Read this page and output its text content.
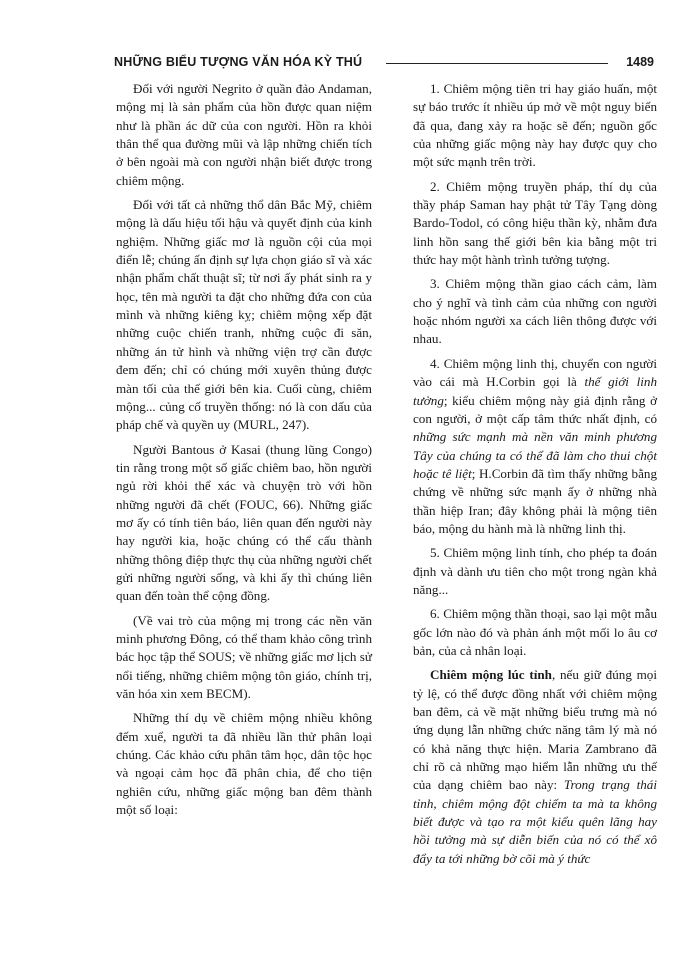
NHỮNG BIỂU TƯỢNG VĂN HÓA KỲ THÚ	1489

Đối với người Negrito ở quần đảo Andaman, mộng mị là sản phẩm của hồn được quan niệm như là phần ác dữ của con người. Hồn ra khỏi thân thể qua đường mũi và lập những chiến tích ở bên ngoài mà con người nhận biết được trong chiêm mộng.

Đối với tất cả những thổ dân Bắc Mỹ, chiêm mộng là dấu hiệu tối hậu và quyết định của kinh nghiệm. Những giấc mơ là nguồn cội của mọi điển lễ; chúng ấn định sự lựa chọn giáo sĩ và xác nhận phẩm chất thuật sĩ; từ nơi ấy phát sinh ra y học, tên mà người ta đặt cho những đứa con của mình và những kiêng kỵ; chiêm mộng xếp đặt những cuộc chiến tranh, những cuộc đi săn, những án tử hình và những viện trợ cần được đem đến; chỉ có chúng mới xuyên thủng được màn tối của thế giới bên kia. Cuối cùng, chiêm mộng... củng cố truyền thống: nó là con dấu của pháp chế và quyền uy (MURL, 247).

Người Bantous ở Kasai (thung lũng Congo) tin rằng trong một số giấc chiêm bao, hồn người ngủ rời khỏi thể xác và chuyện trò với hồn những người đã chết (FOUC, 66). Những giấc mơ ấy có tính tiên báo, liên quan đến người này hay người kia, hoặc chúng có thể cấu thành những thông điệp thực thụ của những người chết gửi những người sống, và khi ấy thì chúng liên quan đến toàn thể cộng đồng.

(Về vai trò của mộng mị trong các nền văn minh phương Đông, có thể tham khảo công trình bác học tập thể SOUS; về những giấc mơ lịch sử nổi tiếng, những chiêm mộng tôn giáo, chính trị, văn hóa xin xem BECM).

Những thí dụ về chiêm mộng nhiều không đếm xuể, người ta đã nhiều lần thử phân loại chúng. Các khảo cứu phân tâm học, dân tộc học và ngoại cảm học đã phân chia, để cho tiện nghiên cứu, những giấc mộng ban đêm thành một số loại:

1. Chiêm mộng tiên tri hay giáo huấn, một sự báo trước ít nhiều úp mở về một nguy biến đã qua, đang xảy ra hoặc sẽ đến; nguồn gốc của những giấc mộng này hay được quy cho một sức mạnh trên trời.

2. Chiêm mộng truyền pháp, thí dụ của thầy pháp Saman hay phật tử Tây Tạng dòng Bardo-Todol, có công hiệu thần kỳ, nhằm đưa linh hồn sang thế giới bên kia bằng một tri thức hay một hành trình tưởng tượng.

3. Chiêm mộng thần giao cách cảm, làm cho ý nghĩ và tình cảm của những con người hoặc nhóm người xa cách liên thông được với nhau.

4. Chiêm mộng linh thị, chuyển con người vào cái mà H.Corbin gọi là thế giới linh tưởng; kiểu chiêm mộng này giả định rằng ở con người, ở một cấp tâm thức nhất định, có những sức mạnh mà nền văn minh phương Tây của chúng ta có thể đã làm cho thui chột hoặc tê liệt; H.Corbin đã tìm thấy những bằng chứng về những sức mạnh ấy ở những nhà thần hiệp Iran; đây không phải là mộng tiên báo, mộng du hành mà là những linh thị.

5. Chiêm mộng linh tính, cho phép ta đoán định và dành ưu tiên cho một trong ngàn khả năng...

6. Chiêm mộng thần thoại, sao lại một mẫu gốc lớn nào đó và phản ánh một mối lo âu cơ bản, của cả nhân loại.

Chiêm mộng lúc tỉnh, nếu giữ đúng mọi tỷ lệ, có thể được đồng nhất với chiêm mộng ban đêm, cả về mặt những biểu trưng mà nó ứng dụng lẫn những chức năng tâm lý mà nó có khả năng thực hiện. Maria Zambrano đã chỉ rõ cả những mạo hiểm lẫn những ưu thế của dạng chiêm bao này: Trong trạng thái tỉnh, chiêm mộng đột chiếm ta mà ta không biết được và tạo ra một kiểu quên lãng hay hồi tưởng mà sự diễn biến của nó có thể xô đẩy ta tới những bờ cõi mà ý thức
